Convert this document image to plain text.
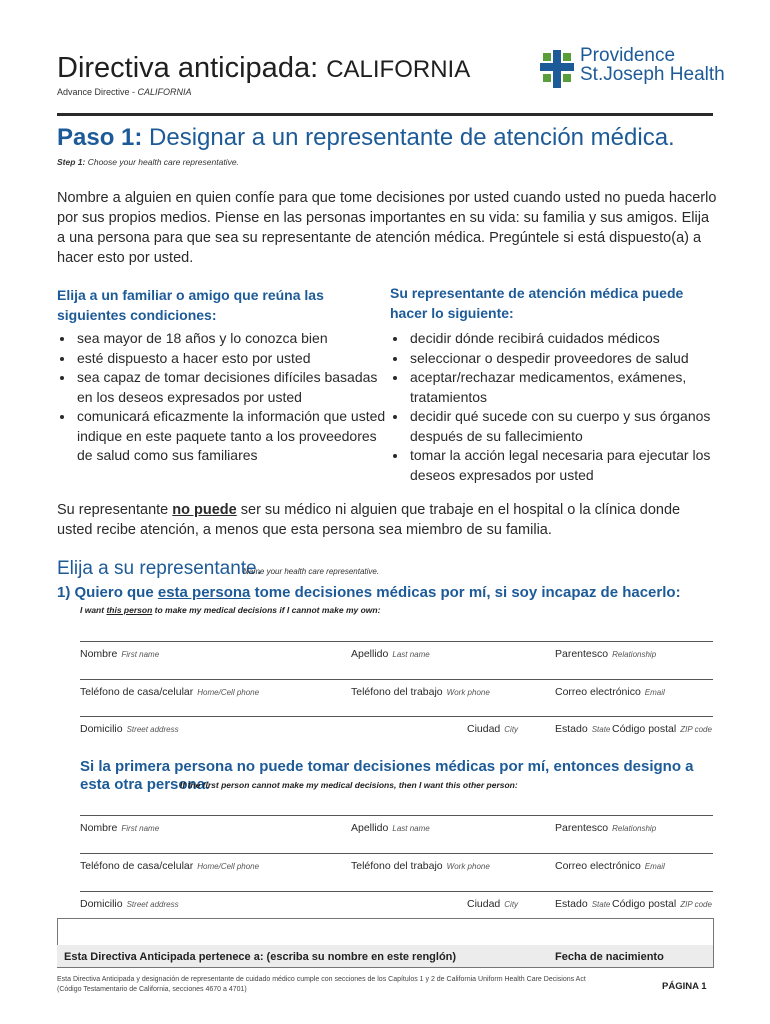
Directiva anticipada: CALIFORNIA
Advance Directive - CALIFORNIA
Providence
St.Joseph Health
Paso 1: Designar a un representante de atención médica.
Step 1: Choose your health care representative.
Nombre a alguien en quien confíe para que tome decisiones por usted cuando usted no pueda hacerlo por sus propios medios. Piense en las personas importantes en su vida: su familia y sus amigos. Elija a una persona para que sea su representante de atención médica. Pregúntele si está dispuesto(a) a hacer esto por usted.
Elija a un familiar o amigo que reúna las siguientes condiciones:
• sea mayor de 18 años y lo conozca bien
• esté dispuesto a hacer esto por usted
• sea capaz de tomar decisiones difíciles basadas en los deseos expresados por usted
• comunicará eficazmente la información que usted indique en este paquete tanto a los proveedores de salud como sus familiares
Su representante de atención médica puede hacer lo siguiente:
• decidir dónde recibirá cuidados médicos
• seleccionar o despedir proveedores de salud
• aceptar/rechazar medicamentos, exámenes, tratamientos
• decidir qué sucede con su cuerpo y sus órganos después de su fallecimiento
• tomar la acción legal necesaria para ejecutar los deseos expresados por usted
Su representante no puede ser su médico ni alguien que trabaje en el hospital o la clínica donde usted recibe atención, a menos que esta persona sea miembro de su familia.
Elija a su representante.
Name your health care representative.
1) Quiero que esta persona tome decisiones médicas por mí, si soy incapaz de hacerlo:
I want this person to make my medical decisions if I cannot make my own:
Nombre First name	Apellido Last name	Parentesco Relationship
Teléfono de casa/celular Home/Cell phone	Teléfono del trabajo Work phone	Correo electrónico Email
Domicilio Street address	Ciudad City	Estado State Código postal ZIP code
Si la primera persona no puede tomar decisiones médicas por mí, entonces designo a esta otra persona:
If the first person cannot make my medical decisions, then I want this other person:
Nombre First name	Apellido Last name	Parentesco Relationship
Teléfono de casa/celular Home/Cell phone	Teléfono del trabajo Work phone	Correo electrónico Email
Domicilio Street address	Ciudad City	Estado State Código postal ZIP code
Esta Directiva Anticipada pertenece a: (escriba su nombre en este renglón)	Fecha de nacimiento
Esta Directiva Anticipada y designación de representante de cuidado médico cumple con secciones de los Capítulos 1 y 2 de California Uniform Health Care Decisions Act
(Código Testamentario de California, secciones 4670 a 4701)	PÁGINA 1
